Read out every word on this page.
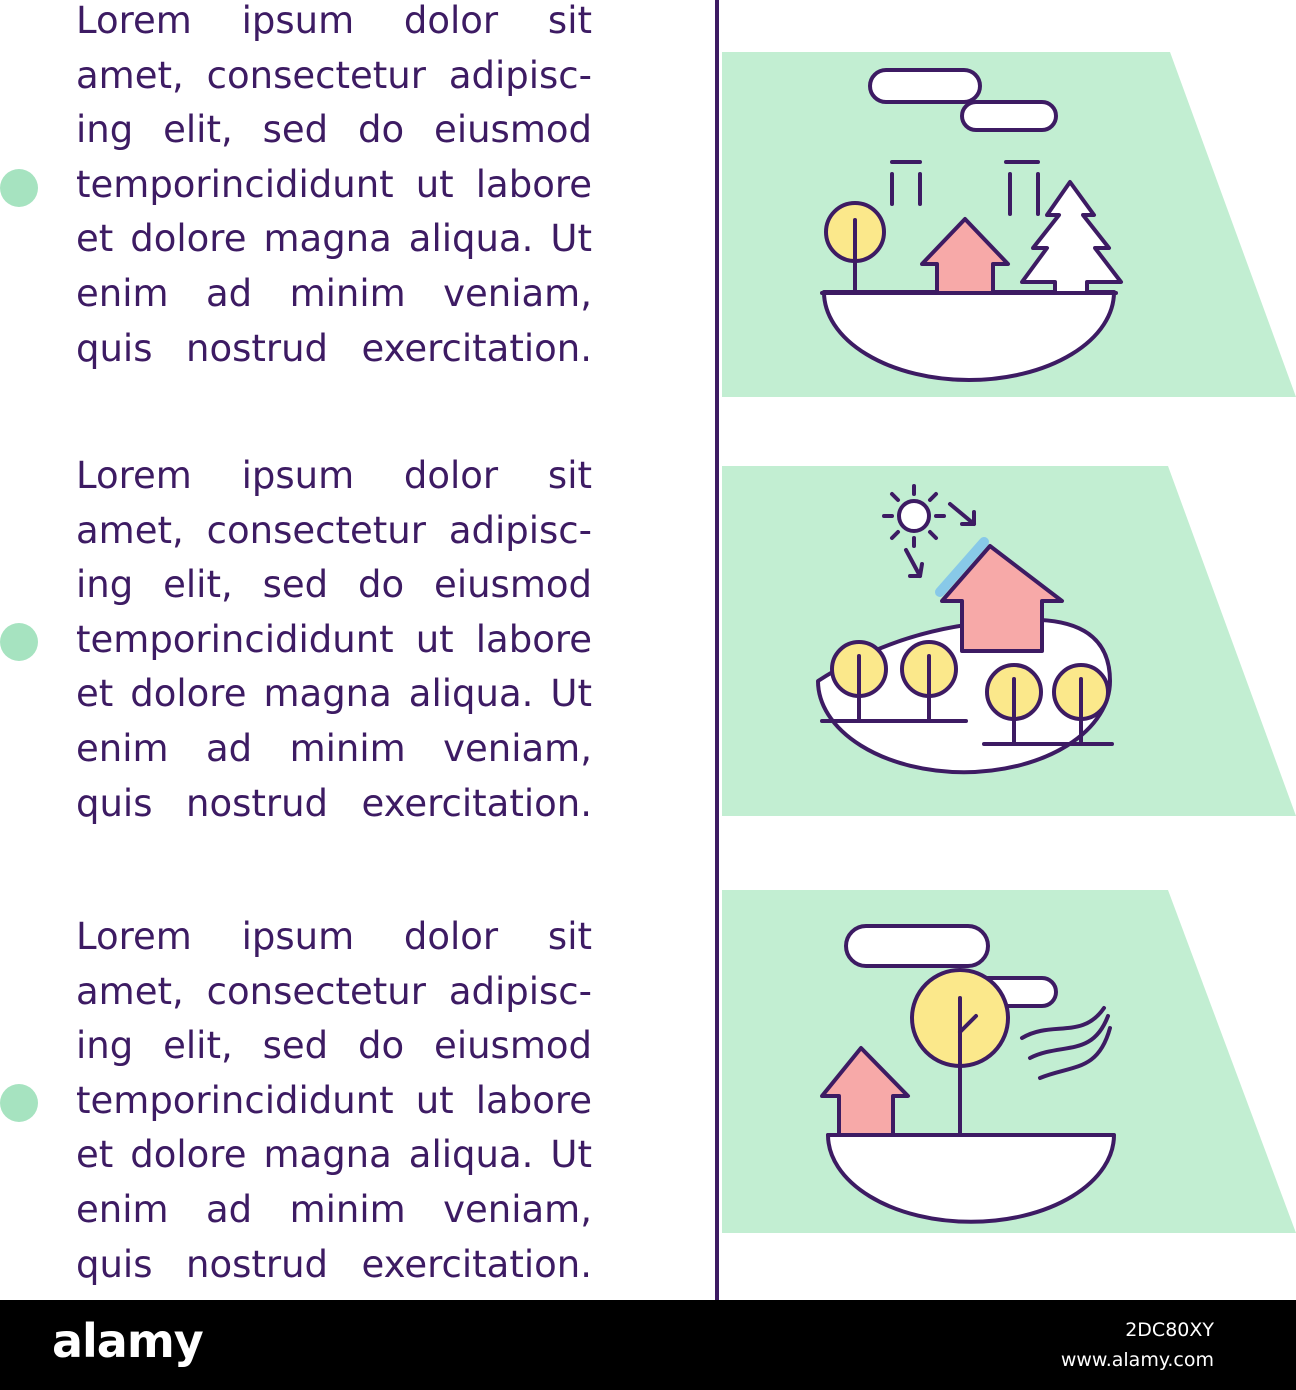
Lorem ipsum dolor sit
amet, consectetur adipisc-
ing elit, sed do eiusmod
temporincididunt ut labore
et dolore magna aliqua. Ut
enim ad minim veniam,
quis nostrud exercitation.

Lorem ipsum dolor sit
amet, consectetur adipisc-
ing elit, sed do eiusmod
temporincididunt ut labore
et dolore magna aliqua. Ut
enim ad minim veniam,
quis nostrud exercitation.

Lorem ipsum dolor sit
amet, consectetur adipisc-
ing elit, sed do eiusmod
temporincididunt ut labore
et dolore magna aliqua. Ut
enim ad minim veniam,
quis nostrud exercitation.

alamy	2DC80XY
www.alamy.com
